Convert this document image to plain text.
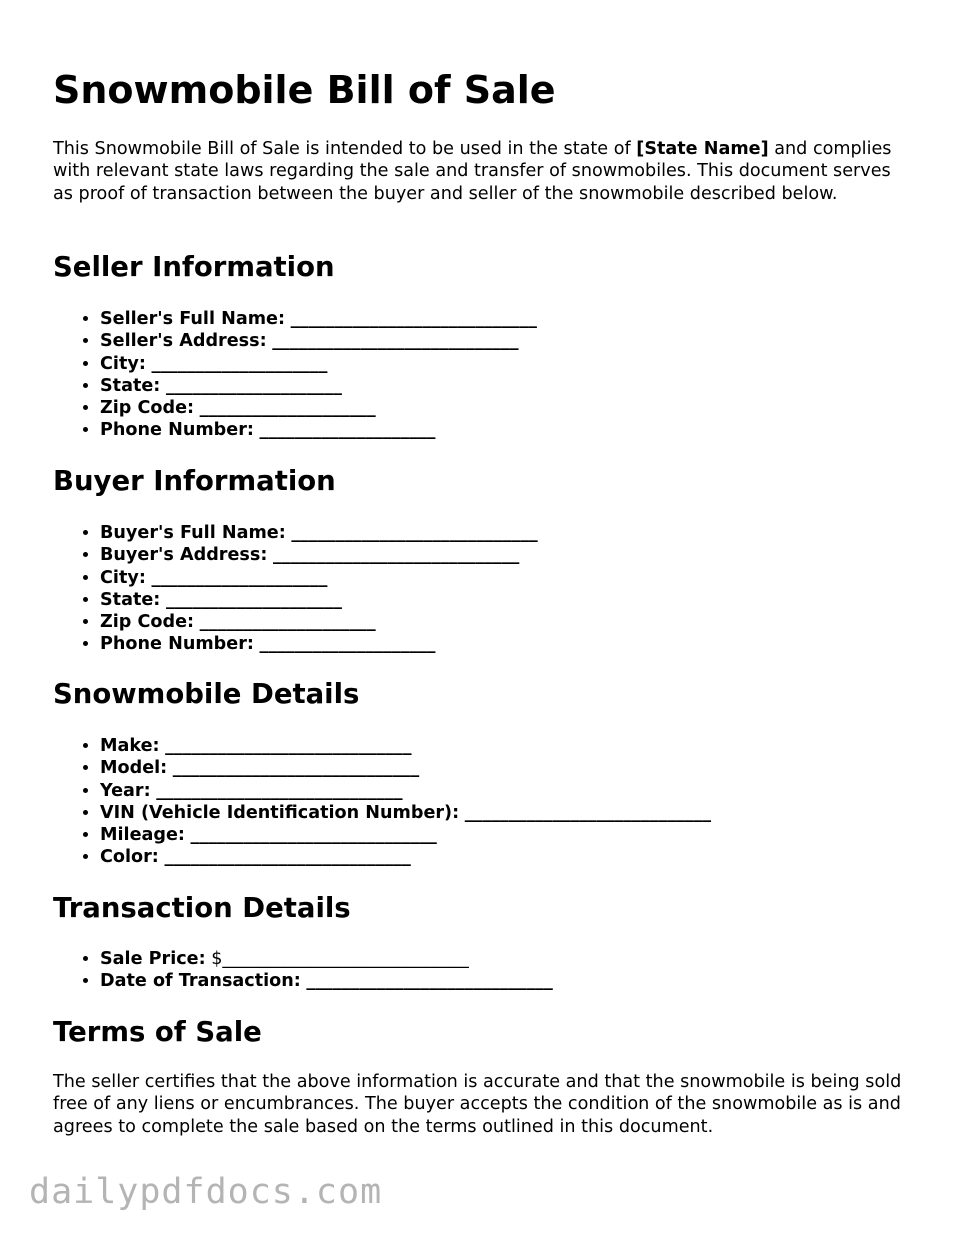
Snowmobile Bill of Sale

This Snowmobile Bill of Sale is intended to be used in the state of [State Name] and complies with relevant state laws regarding the sale and transfer of snowmobiles. This document serves as proof of transaction between the buyer and seller of the snowmobile described below.

Seller Information
• Seller's Full Name: ____________________________
• Seller's Address: ____________________________
• City: ____________________
• State: ____________________
• Zip Code: ____________________
• Phone Number: ____________________
Buyer Information
• Buyer's Full Name: ____________________________
• Buyer's Address: ____________________________
• City: ____________________
• State: ____________________
• Zip Code: ____________________
• Phone Number: ____________________
Snowmobile Details
• Make: ____________________________
• Model: ____________________________
• Year: ____________________________
• VIN (Vehicle Identification Number): ____________________________
• Mileage: ____________________________
• Color: ____________________________
Transaction Details
• Sale Price: $____________________________
• Date of Transaction: ____________________________
Terms of Sale

The seller certifies that the above information is accurate and that the snowmobile is being sold free of any liens or encumbrances. The buyer accepts the condition of the snowmobile as is and agrees to complete the sale based on the terms outlined in this document.

dailypdfdocs.com
